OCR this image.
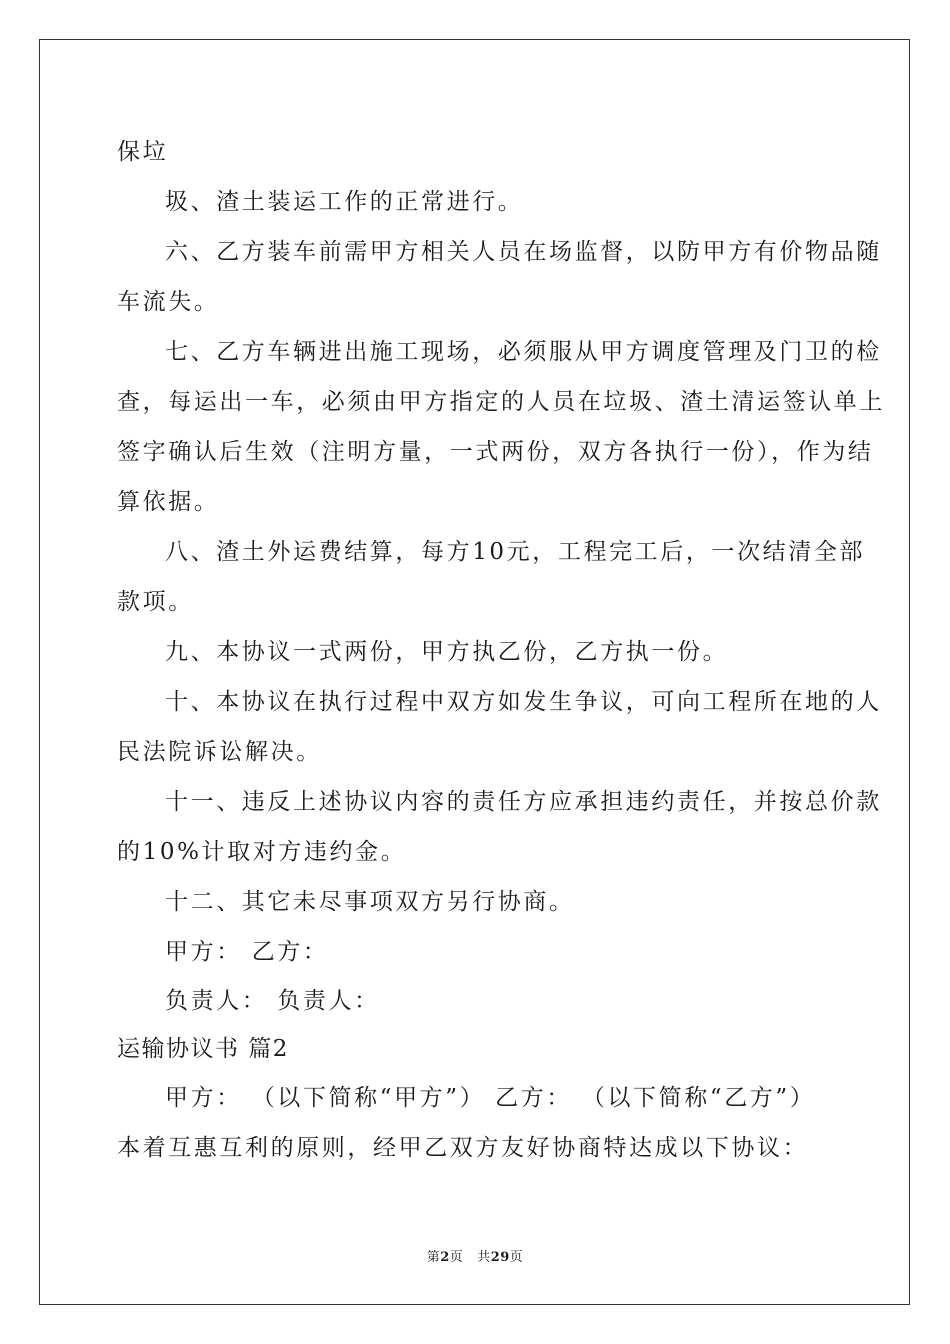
保垃
圾、渣土装运工作的正常进行。
六、乙方装车前需甲方相关人员在场监督，以防甲方有价物品随
车流失。
七、乙方车辆进出施工现场，必须服从甲方调度管理及门卫的检
查，每运出一车，必须由甲方指定的人员在垃圾、渣土清运签认单上
签字确认后生效（注明方量，一式两份，双方各执行一份），作为结
算依据。
八、渣土外运费结算，每方10元，工程完工后，一次结清全部
款项。
九、本协议一式两份，甲方执乙份，乙方执一份。
十、本协议在执行过程中双方如发生争议，可向工程所在地的人
民法院诉讼解决。
十一、违反上述协议内容的责任方应承担违约责任，并按总价款
的10%计取对方违约金。
十二、其它未尽事项双方另行协商。
甲方： 乙方：
负责人： 负责人：
运输协议书 篇2
甲方： （以下简称“甲方”） 乙方： （以下简称“乙方”）
本着互惠互利的原则，经甲乙双方友好协商特达成以下协议：
第2页 共29页
